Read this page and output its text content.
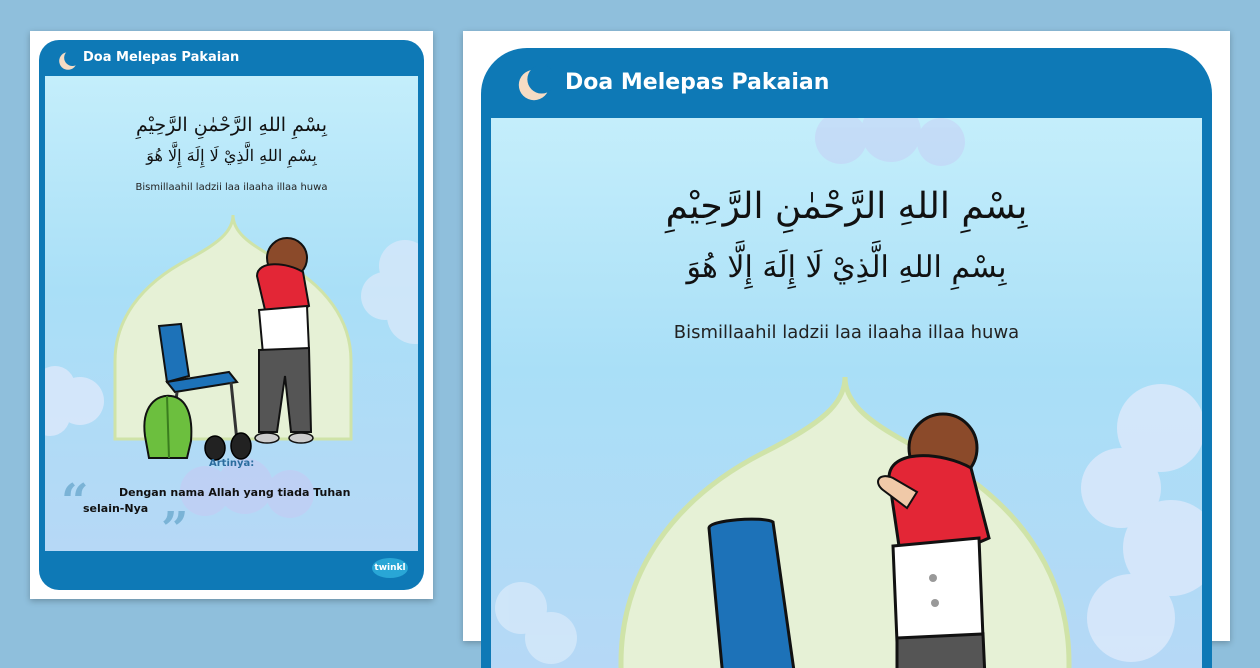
Doa Melepas Pakaian
بِسْمِ اللهِ الرَّحْمٰنِ الرَّحِيْمِ
بِسْمِ اللهِ الَّذِيْ لَا إِلَهَ إِلَّا هُوَ
Bismillaahil ladzii laa ilaaha illaa huwa
“
Artinya:
Dengan nama Allah yang tiada Tuhan
selain-Nya ”
twinkl
Doa Melepas Pakaian
بِسْمِ اللهِ الرَّحْمٰنِ الرَّحِيْمِ
بِسْمِ اللهِ الَّذِيْ لَا إِلَهَ إِلَّا هُوَ
Bismillaahil ladzii laa ilaaha illaa huwa
